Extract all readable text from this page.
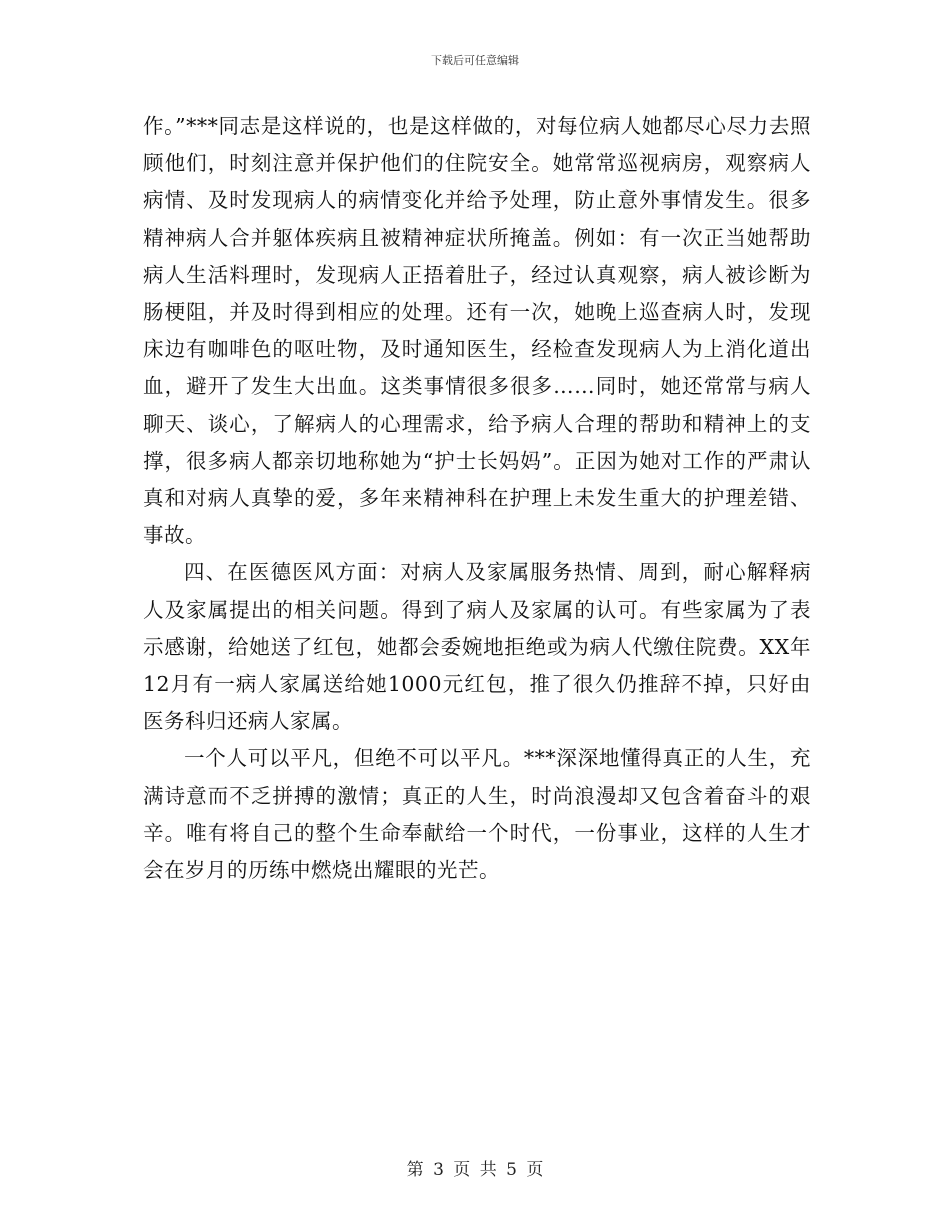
下载后可任意编辑

作。”***同志是这样说的，也是这样做的，对每位病人她都尽心尽力去照顾他们，时刻注意并保护他们的住院安全。她常常巡视病房，观察病人病情、及时发现病人的病情变化并给予处理，防止意外事情发生。很多精神病人合并躯体疾病且被精神症状所掩盖。例如：有一次正当她帮助病人生活料理时，发现病人正捂着肚子，经过认真观察，病人被诊断为肠梗阻，并及时得到相应的处理。还有一次，她晚上巡查病人时，发现床边有咖啡色的呕吐物，及时通知医生，经检查发现病人为上消化道出血，避开了发生大出血。这类事情很多很多……同时，她还常常与病人聊天、谈心，了解病人的心理需求，给予病人合理的帮助和精神上的支撑，很多病人都亲切地称她为“护士长妈妈”。正因为她对工作的严肃认真和对病人真挚的爱，多年来精神科在护理上未发生重大的护理差错、事故。

四、在医德医风方面：对病人及家属服务热情、周到，耐心解释病人及家属提出的相关问题。得到了病人及家属的认可。有些家属为了表示感谢，给她送了红包，她都会委婉地拒绝或为病人代缴住院费。XX年12月有一病人家属送给她1000元红包，推了很久仍推辞不掉，只好由医务科归还病人家属。

一个人可以平凡，但绝不可以平凡。***深深地懂得真正的人生，充满诗意而不乏拼搏的激情；真正的人生，时尚浪漫却又包含着奋斗的艰辛。唯有将自己的整个生命奉献给一个时代，一份事业，这样的人生才会在岁月的历练中燃烧出耀眼的光芒。

第 3 页 共 5 页
